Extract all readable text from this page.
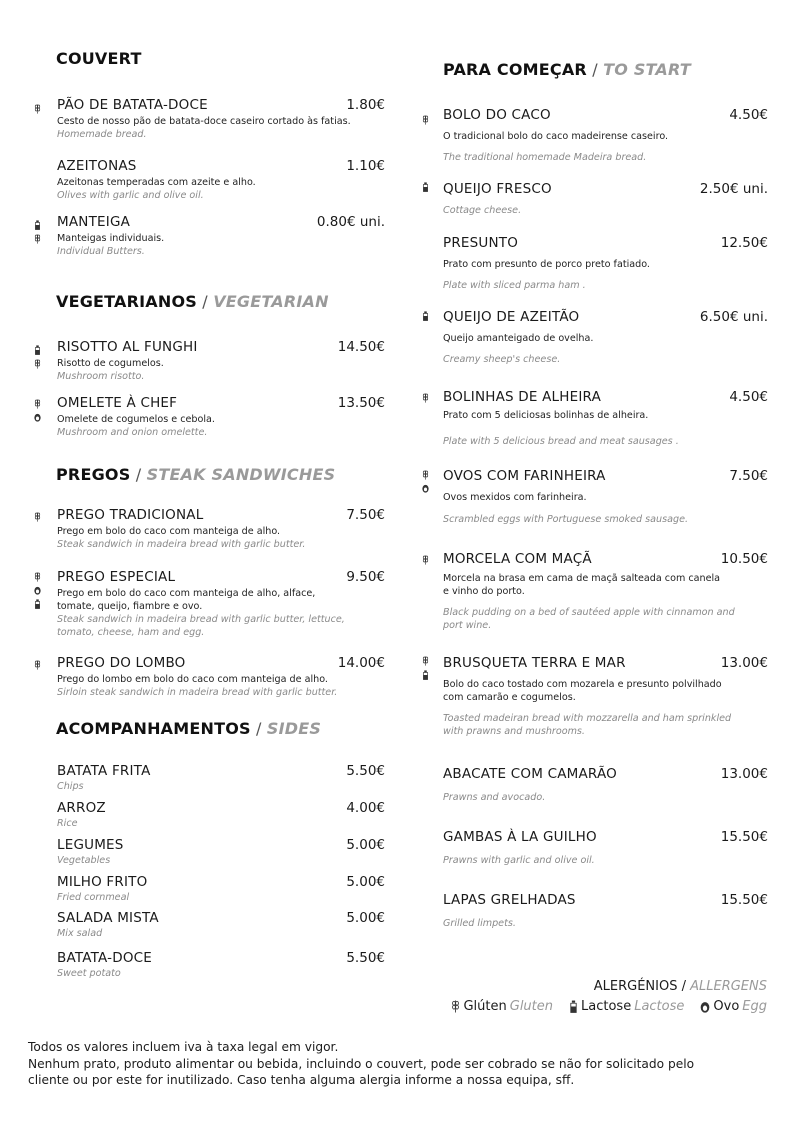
COUVERT
PÃO DE BATATA-DOCE	1.80€
Cesto de nosso pão de batata-doce caseiro cortado às fatias.
Homemade bread.
AZEITONAS	1.10€
Azeitonas temperadas com azeite e alho.
Olives with garlic and olive oil.
MANTEIGA	0.80€ uni.
Manteigas individuais.
Individual Butters.
VEGETARIANOS / VEGETARIAN
RISOTTO AL FUNGHI	14.50€
Risotto de cogumelos.
Mushroom risotto.
OMELETE À CHEF	13.50€
Omelete de cogumelos e cebola.
Mushroom and onion omelette.
PREGOS / STEAK SANDWICHES
PREGO TRADICIONAL	7.50€
Prego em bolo do caco com manteiga de alho.
Steak sandwich in madeira bread with garlic butter.
PREGO ESPECIAL	9.50€
Prego em bolo do caco com manteiga de alho, alface,
tomate, queijo, fiambre e ovo.
Steak sandwich in madeira bread with garlic butter, lettuce,
tomato, cheese, ham and egg.
PREGO DO LOMBO	14.00€
Prego do lombo em bolo do caco com manteiga de alho.
Sirloin steak sandwich in madeira bread with garlic butter.
ACOMPANHAMENTOS / SIDES
BATATA FRITA	5.50€
Chips
ARROZ	4.00€
Rice
LEGUMES	5.00€
Vegetables
MILHO FRITO	5.00€
Fried cornmeal
SALADA MISTA	5.00€
Mix salad
BATATA-DOCE	5.50€
Sweet potato
PARA COMEÇAR / TO START
BOLO DO CACO	4.50€
O tradicional bolo do caco madeirense caseiro.
The traditional homemade Madeira bread.
QUEIJO FRESCO	2.50€ uni.
Cottage cheese.
PRESUNTO	12.50€
Prato com presunto de porco preto fatiado.
Plate with sliced parma ham .
QUEIJO DE AZEITÃO	6.50€ uni.
Queijo amanteigado de ovelha.
Creamy sheep's cheese.
BOLINHAS DE ALHEIRA	4.50€
Prato com 5 deliciosas bolinhas de alheira.
Plate with 5 delicious bread and meat sausages .
OVOS COM FARINHEIRA	7.50€
Ovos mexidos com farinheira.
Scrambled eggs with Portuguese smoked sausage.
MORCELA COM MAÇÃ	10.50€
Morcela na brasa em cama de maçã salteada com canela
e vinho do porto.
Black pudding on a bed of sautéed apple with cinnamon and
port wine.
BRUSQUETA TERRA E MAR	13.00€
Bolo do caco tostado com mozarela e presunto polvilhado
com camarão e cogumelos.
Toasted madeiran bread with mozzarella and ham sprinkled
with prawns and mushrooms.
ABACATE COM CAMARÃO	13.00€
Prawns and avocado.
GAMBAS À LA GUILHO	15.50€
Prawns with garlic and olive oil.
LAPAS GRELHADAS	15.50€
Grilled limpets.
ALERGÉNIOS / ALLERGENS
Glúten Gluten Lactose Lactose Ovo Egg
Todos os valores incluem iva à taxa legal em vigor.
Nenhum prato, produto alimentar ou bebida, incluindo o couvert, pode ser cobrado se não for solicitado pelo
cliente ou por este for inutilizado. Caso tenha alguma alergia informe a nossa equipa, sff.
